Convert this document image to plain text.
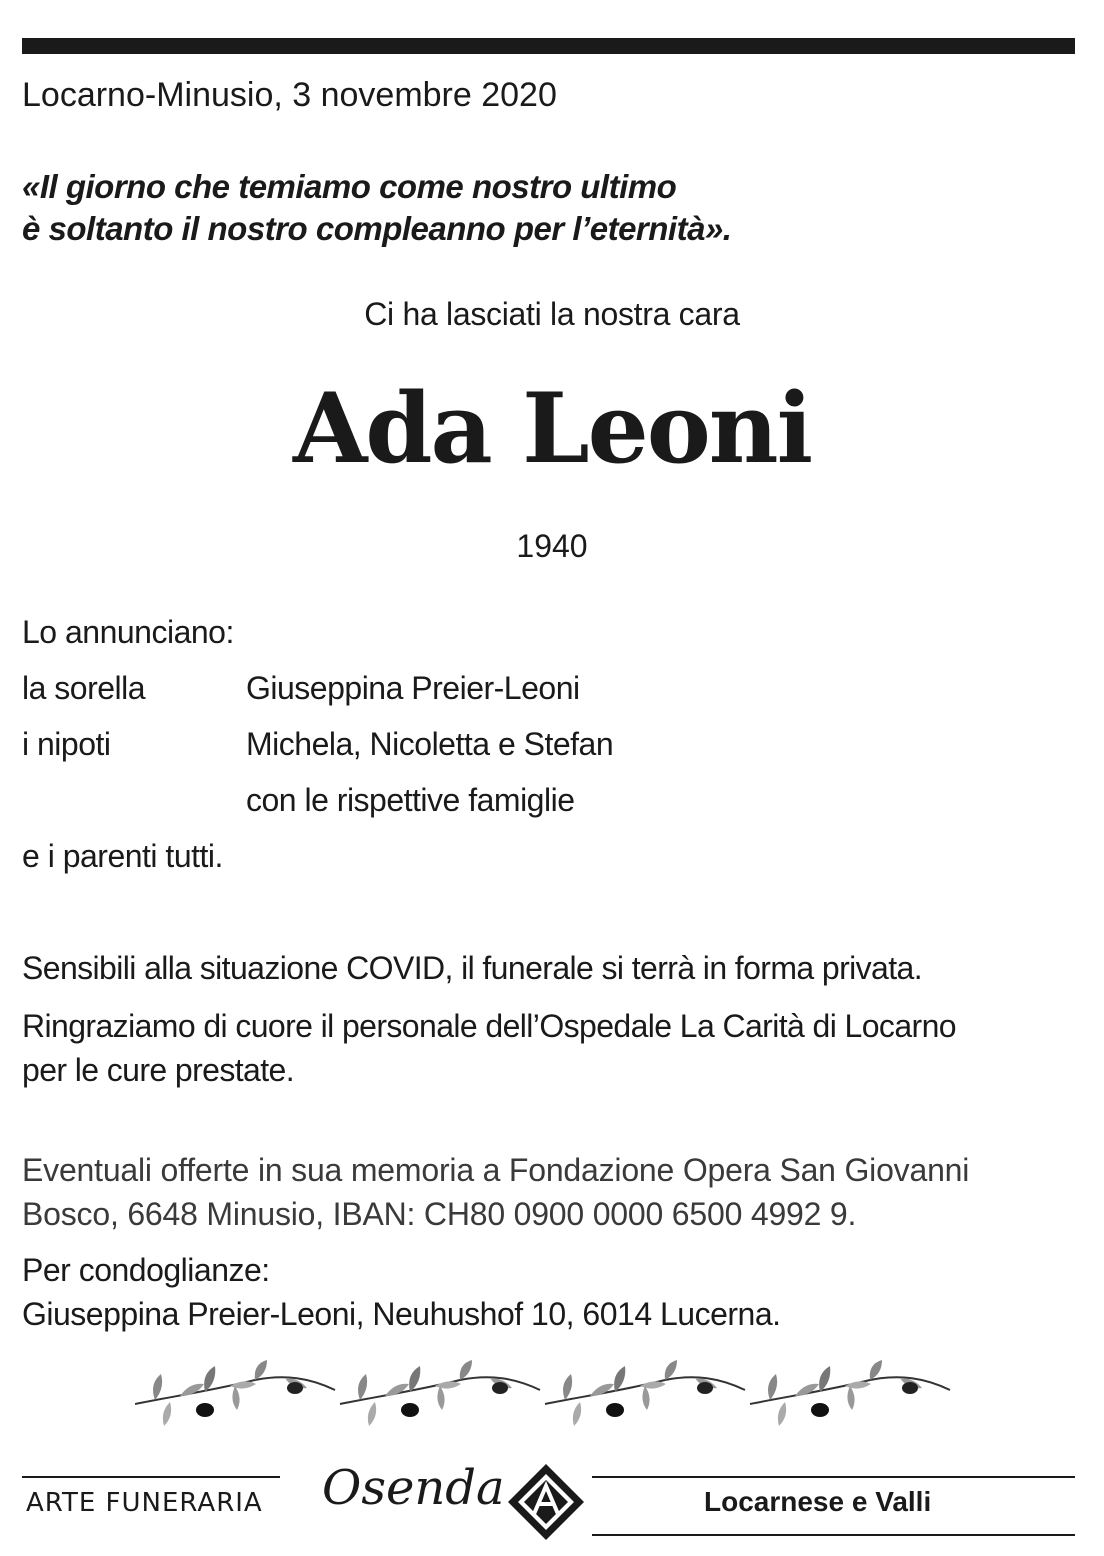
Locarno-Minusio, 3 novembre 2020
«Il giorno che temiamo come nostro ultimo
è soltanto il nostro compleanno per l’eternità».
Ci ha lasciati la nostra cara
Ada Leoni
1940
Lo annunciano:
la sorella	Giuseppina Preier-Leoni
i nipoti	Michela, Nicoletta e Stefan
con le rispettive famiglie
e i parenti tutti.
Sensibili alla situazione COVID, il funerale si terrà in forma privata.
Ringraziamo di cuore il personale dell’Ospedale La Carità di Locarno
per le cure prestate.
Eventuali offerte in sua memoria a Fondazione Opera San Giovanni
Bosco, 6648 Minusio, IBAN: CH80 0900 0000 6500 4992 9.
Per condoglianze:
Giuseppina Preier-Leoni, Neuhushof 10, 6014 Lucerna.
ARTE FUNERARIA Osenda	Locarnese e Valli
